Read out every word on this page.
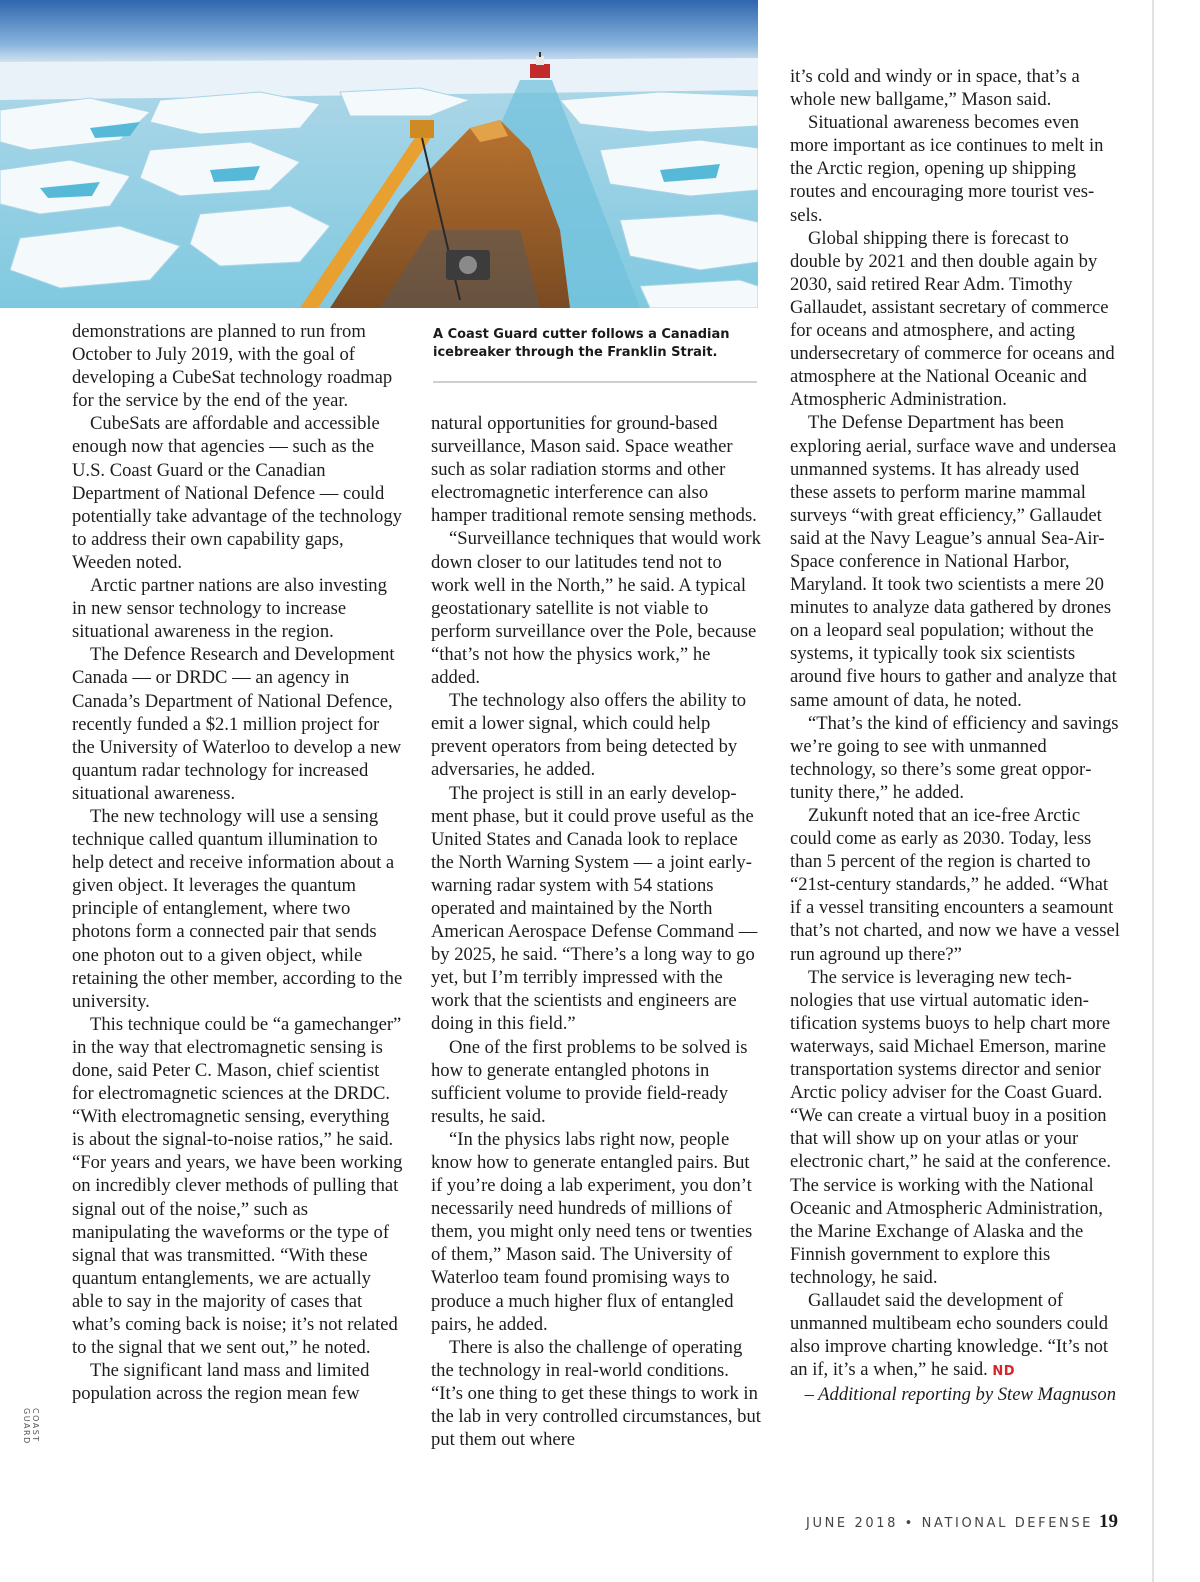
A Coast Guard cutter follows a Canadian icebreaker through the Franklin Strait.
COAST GUARD

demonstrations are planned to run from October to July 2019, with the goal of developing a CubeSat technology roadmap for the service by the end of the year.

CubeSats are affordable and accessible enough now that agencies — such as the U.S. Coast Guard or the Canadian Department of National Defence — could potentially take advantage of the technology to address their own capability gaps, Weeden noted.

Arctic partner nations are also investing in new sensor technology to increase situational awareness in the region.

The Defence Research and Development Canada — or DRDC — an agency in Canada’s Department of National Defence, recently funded a $2.1 million project for the University of Waterloo to develop a new quantum radar technology for increased situational awareness.

The new technology will use a sensing technique called quantum illumination to help detect and receive information about a given object. It leverages the quantum principle of entanglement, where two photons form a connected pair that sends one photon out to a given object, while retaining the other member, according to the university.

This technique could be “a gamechanger” in the way that electromagnetic sensing is done, said Peter C. Mason, chief scientist for electromagnetic sciences at the DRDC. “With electromagnetic sensing, everything is about the signal-to-noise ratios,” he said. “For years and years, we have been working on incredibly clever methods of pulling that signal out of the noise,” such as manipulating the waveforms or the type of signal that was transmitted. “With these quantum entanglements, we are actually able to say in the majority of cases that what’s coming back is noise; it’s not related to the signal that we sent out,” he noted.

The significant land mass and limited population across the region mean few

natural opportunities for ground-based surveillance, Mason said. Space weather such as solar radiation storms and other electromagnetic interference can also hamper traditional remote sensing methods.

“Surveillance techniques that would work down closer to our latitudes tend not to work well in the North,” he said. A typical geostationary satellite is not viable to perform surveillance over the Pole, because “that’s not how the physics work,” he added.

The technology also offers the ability to emit a lower signal, which could help prevent operators from being detected by adversaries, he added.

The project is still in an early development phase, but it could prove useful as the United States and Canada look to replace the North Warning System — a joint early-warning radar system with 54 stations operated and maintained by the North American Aerospace Defense Command — by 2025, he said. “There’s a long way to go yet, but I’m terribly impressed with the work that the scientists and engineers are doing in this field.”

One of the first problems to be solved is how to generate entangled photons in sufficient volume to provide field-ready results, he said.

“In the physics labs right now, people know how to generate entangled pairs. But if you’re doing a lab experiment, you don’t necessarily need hundreds of millions of them, you might only need tens or twenties of them,” Mason said. The University of Waterloo team found promising ways to produce a much higher flux of entangled pairs, he added.

There is also the challenge of operating the technology in real-world conditions. “It’s one thing to get these things to work in the lab in very controlled circumstances, but put them out where

it’s cold and windy or in space, that’s a whole new ballgame,” Mason said.

Situational awareness becomes even more important as ice continues to melt in the Arctic region, opening up shipping routes and encouraging more tourist vessels.

Global shipping there is forecast to double by 2021 and then double again by 2030, said retired Rear Adm. Timothy Gallaudet, assistant secretary of commerce for oceans and atmosphere, and acting undersecretary of commerce for oceans and atmosphere at the National Oceanic and Atmospheric Administration.

The Defense Department has been exploring aerial, surface wave and undersea unmanned systems. It has already used these assets to perform marine mammal surveys “with great efficiency,” Gallaudet said at the Navy League’s annual Sea-Air-Space conference in National Harbor, Maryland. It took two scientists a mere 20 minutes to analyze data gathered by drones on a leopard seal population; without the systems, it typically took six scientists around five hours to gather and analyze that same amount of data, he noted.

“That’s the kind of efficiency and savings we’re going to see with unmanned technology, so there’s some great opportunity there,” he added.

Zukunft noted that an ice-free Arctic could come as early as 2030. Today, less than 5 percent of the region is charted to “21st-century standards,” he added. “What if a vessel transiting encounters a seamount that’s not charted, and now we have a vessel run aground up there?”

The service is leveraging new technologies that use virtual automatic identification systems buoys to help chart more waterways, said Michael Emerson, marine transportation systems director and senior Arctic policy adviser for the Coast Guard. “We can create a virtual buoy in a position that will show up on your atlas or your electronic chart,” he said at the conference. The service is working with the National Oceanic and Atmospheric Administration, the Marine Exchange of Alaska and the Finnish government to explore this technology, he said.

Gallaudet said the development of unmanned multibeam echo sounders could also improve charting knowledge. “It’s not an if, it’s a when,” he said. ND

– Additional reporting by Stew Magnuson

JUNE 2018 • NATIONAL DEFENSE 19
